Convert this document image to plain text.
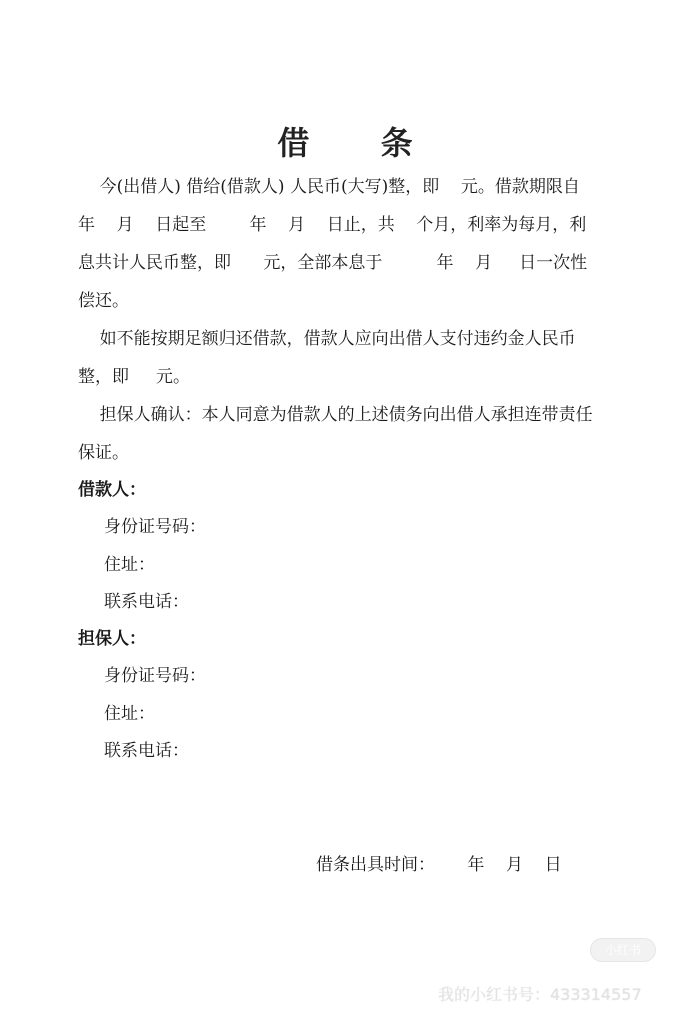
借 条
今(出借人) 借给(借款人) 人民币(大写)整，即    元。借款期限自        年    月    日起至        年    月    日止，共    个月，利率为每月，利息共计人民币整，即      元，全部本息于          年    月     日一次性偿还。
如不能按期足额归还借款，借款人应向出借人支付违约金人民币 整，即     元。
担保人确认：本人同意为借款人的上述债务向出借人承担连带责任保证。
借款人：
身份证号码：
住址：
联系电话：
担保人：
身份证号码：
住址：
联系电话：
借条出具时间：      年    月    日
小红书
我的小红书号：433314557
